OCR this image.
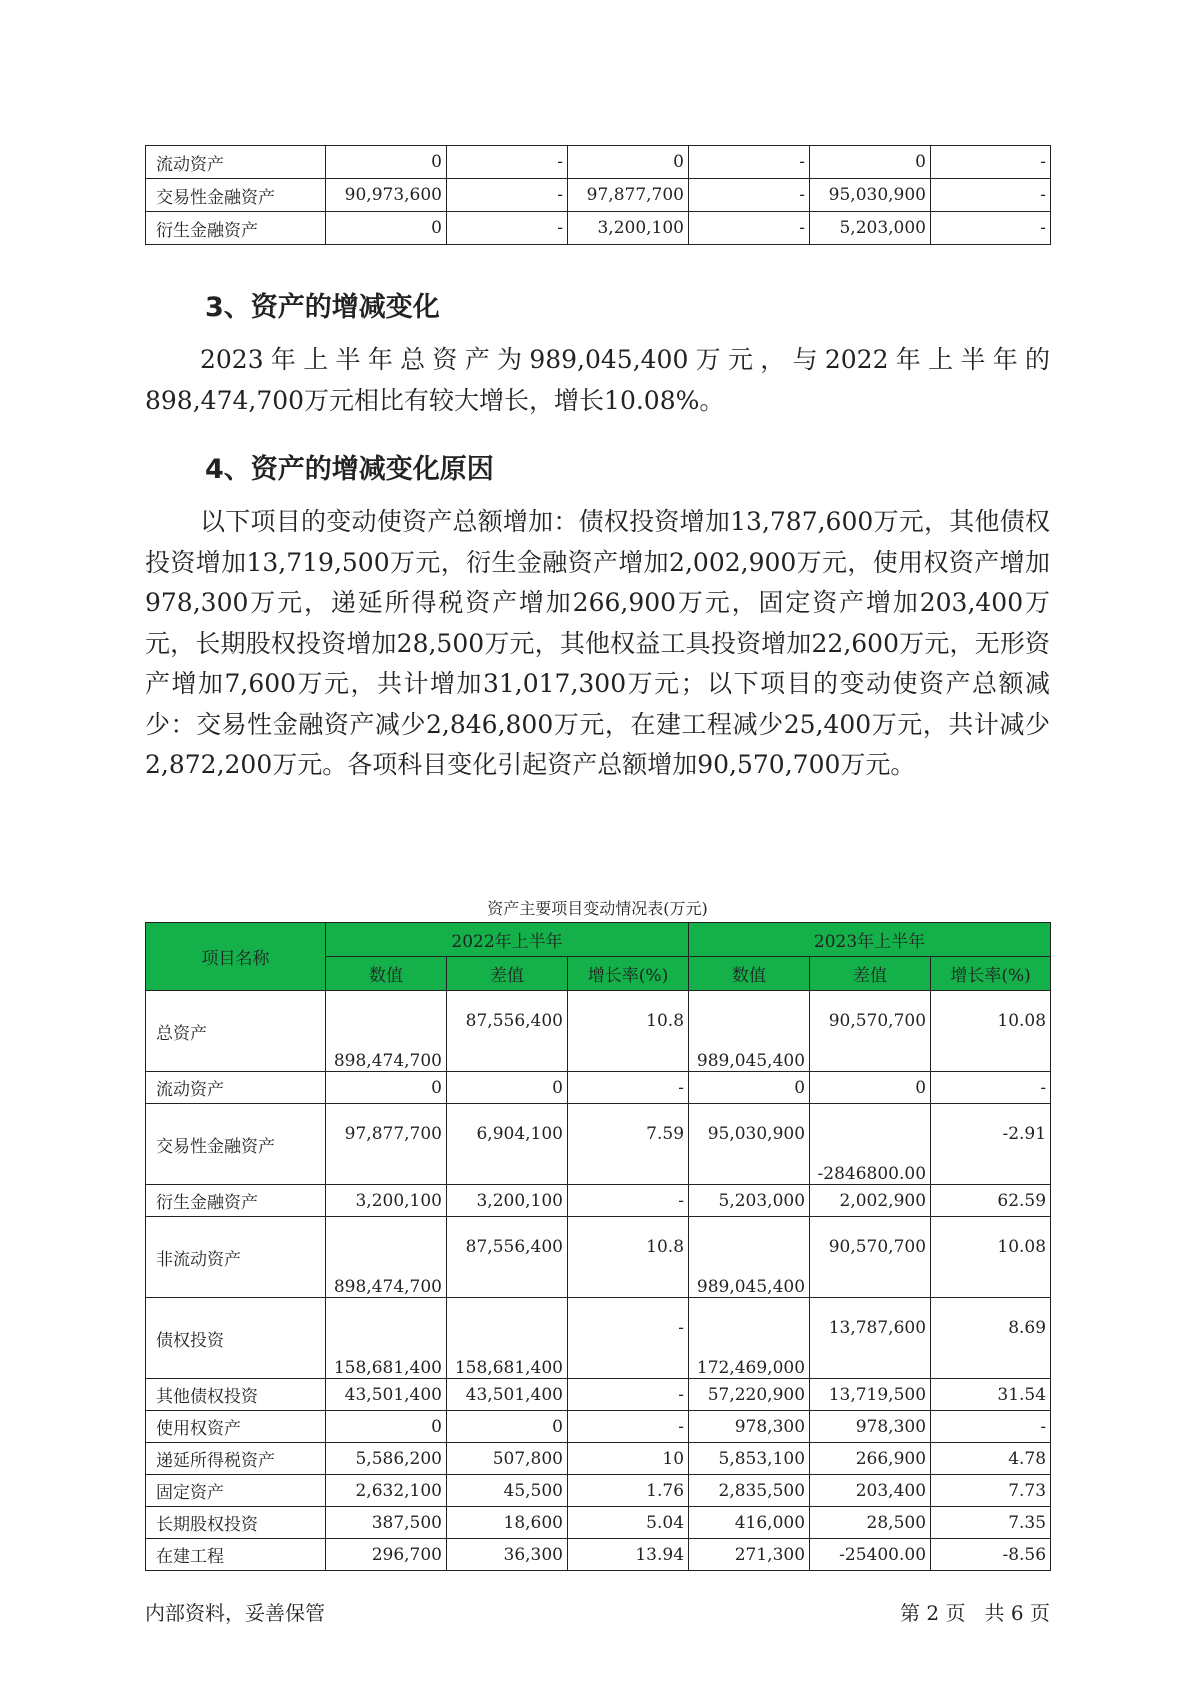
流动资产	0	-	0	-	0	-
交易性金融资产	90,973,600	-	97,877,700	-	95,030,900	-
衍生金融资产	0	-	3,200,100	-	5,203,000	-
3、资产的增减变化

2023年上半年总资产为989,045,400万元，与2022年上半年的898,474,700万元相比有较大增长，增长10.08%。

4、资产的增减变化原因

以下项目的变动使资产总额增加：债权投资增加13,787,600万元，其他债权投资增加13,719,500万元，衍生金融资产增加2,002,900万元，使用权资产增加978,300万元，递延所得税资产增加266,900万元，固定资产增加203,400万元，长期股权投资增加28,500万元，其他权益工具投资增加22,600万元，无形资产增加7,600万元，共计增加31,017,300万元；以下项目的变动使资产总额减少：交易性金融资产减少2,846,800万元，在建工程减少25,400万元，共计减少2,872,200万元。各项科目变化引起资产总额增加90,570,700万元。

资产主要项目变动情况表(万元)
项目名称	2022年上半年			2023年上半年		
	数值	差值	增长率(%)	数值	差值	增长率(%)
总资产	898,474,700	87,556,400	10.8	989,045,400	90,570,700	10.08
流动资产	0	0	-	0	0	-
交易性金融资产	97,877,700	6,904,100	7.59	95,030,900	-2846800.00	-2.91
衍生金融资产	3,200,100	3,200,100	-	5,203,000	2,002,900	62.59
非流动资产	898,474,700	87,556,400	10.8	989,045,400	90,570,700	10.08
债权投资	158,681,400	158,681,400	-	172,469,000	13,787,600	8.69
其他债权投资	43,501,400	43,501,400	-	57,220,900	13,719,500	31.54
使用权资产	0	0	-	978,300	978,300	-
递延所得税资产	5,586,200	507,800	10	5,853,100	266,900	4.78
固定资产	2,632,100	45,500	1.76	2,835,500	203,400	7.73
长期股权投资	387,500	18,600	5.04	416,000	28,500	7.35
在建工程	296,700	36,300	13.94	271,300	-25400.00	-8.56
内部资料，妥善保管	第 2 页   共 6 页
